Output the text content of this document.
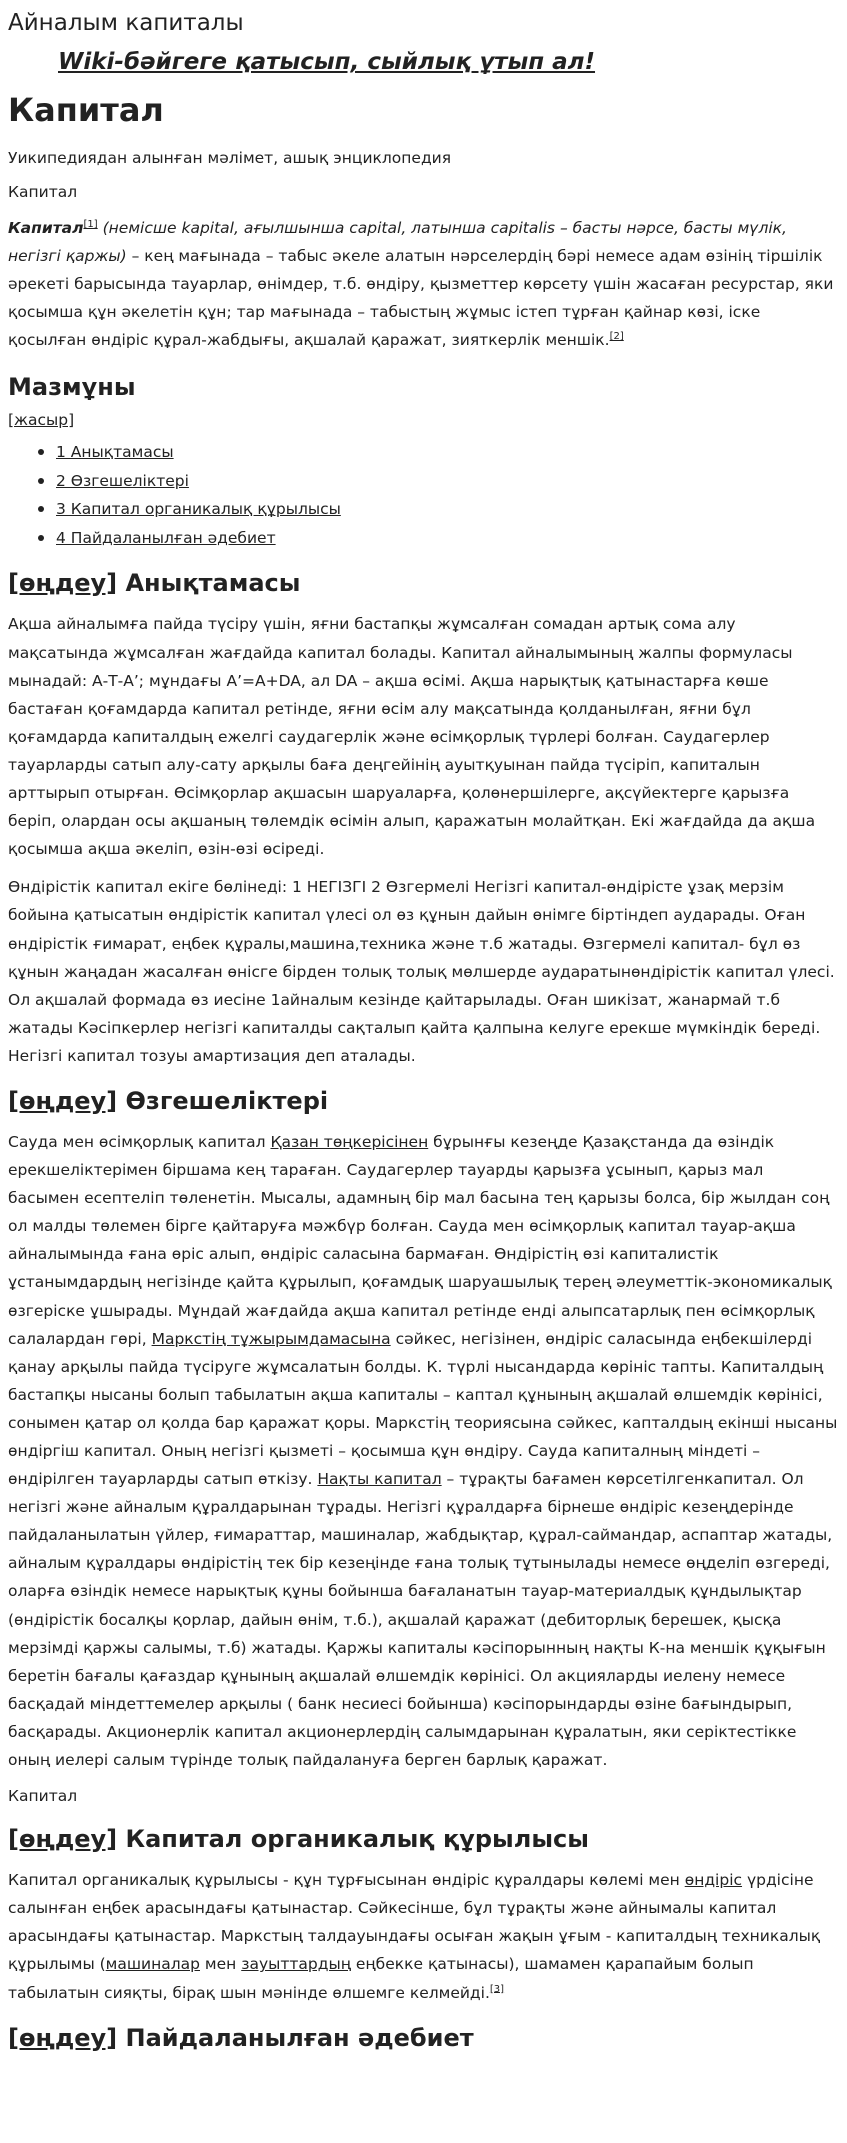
Айналым капиталы
Wiki-бәйгеге қатысып, сыйлық ұтып ал!
Капитал
Уикипедиядан алынған мәлімет, ашық энциклопедия
Капитал

Капитал[1] (немісше kapital, ағылшынша capital, латынша capitalis – басты нәрсе, басты мүлік, негізгі қаржы) – кең мағынада – табыс әкеле алатын нәрселердің бәрі немесе адам өзінің тіршілік әрекеті барысында тауарлар, өнімдер, т.б. өндіру, қызметтер көрсету үшін жасаған ресурстар, яки қосымша құн әкелетін құн; тар мағынада – табыстың жұмыс істеп тұрған қайнар көзі, іске қосылған өндіріс құрал-жабдығы, ақшалай қаражат, зияткерлік меншік.[2]

Мазмұны
[жасыр]
1 Анықтамасы
2 Өзгешеліктері
3 Капитал органикалық құрылысы
4 Пайдаланылған әдебиет
[өңдеу] Анықтамасы

Ақша айналымға пайда түсіру үшін, яғни бастапқы жұмсалған сомадан артық сома алу мақсатында жұмсалған жағдайда капитал болады. Капитал айналымының жалпы формуласы мынадай: А-Т-А’; мұндағы А’=А+DA, ал DA – ақша өсімі. Ақша нарықтық қатынастарға көше бастаған қоғамдарда капитал ретінде, яғни өсім алу мақсатында қолданылған, яғни бұл қоғамдарда капиталдың ежелгі саудагерлік және өсімқорлық түрлері болған. Саудагерлер тауарларды сатып алу-сату арқылы баға деңгейінің ауытқуынан пайда түсіріп, капиталын арттырып отырған. Өсімқорлар ақшасын шаруаларға, қолөнершілерге, ақсүйектерге қарызға беріп, олардан осы ақшаның төлемдік өсімін алып, қаражатын молайтқан. Екі жағдайда да ақша қосымша ақша әкеліп, өзін-өзі өсіреді.

Өндірістік капитал екіге бөлінеді: 1 НЕГІЗГІ 2 Өзгермелі Негізгі капитал-өндірісте ұзақ мерзім бойына қатысатын өндірістік капитал үлесі ол өз құнын дайын өнімге біртіндеп аударады. Оған өндірістік ғимарат, еңбек құралы,машина,техника және т.б жатады. Өзгермелі капитал- бұл өз құнын жаңадан жасалған өнісге бірден толық толық мөлшерде аударатынөндірістік капитал үлесі. Ол ақшалай формада өз иесіне 1айналым кезінде қайтарылады. Оған шикізат, жанармай т.б жатады Кәсіпкерлер негізгі капиталды сақталып қайта қалпына келуге ерекше мүмкіндік береді. Негізгі капитал тозуы амартизация деп аталады.

[өңдеу] Өзгешеліктері

Сауда мен өсімқорлық капитал Қазан төңкерісінен бұрынғы кезеңде Қазақстанда да өзіндік ерекшеліктерімен біршама кең тараған. Саудагерлер тауарды қарызға ұсынып, қарыз мал басымен есептеліп төленетін. Мысалы, адамның бір мал басына тең қарызы болса, бір жылдан соң ол малды төлемен бірге қайтаруға мәжбүр болған. Сауда мен өсімқорлық капитал тауар-ақша айналымында ғана өріс алып, өндіріс саласына бармаған. Өндірістің өзі капиталистік ұстанымдардың негізінде қайта құрылып, қоғамдық шаруашылық терең әлеуметтік-экономикалық өзгеріске ұшырады. Мұндай жағдайда ақша капитал ретінде енді алыпсатарлық пен өсімқорлық салалардан гөрі, Маркстің тұжырымдамасына сәйкес, негізінен, өндіріс саласында еңбекшілерді қанау арқылы пайда түсіруге жұмсалатын болды. К. түрлі нысандарда көрініс тапты. Капиталдың бастапқы нысаны болып табылатын ақша капиталы – каптал құнының ақшалай өлшемдік көрінісі, сонымен қатар ол қолда бар қаражат қоры. Маркстің теориясына сәйкес, капталдың екінші нысаны өндіргіш капитал. Оның негізгі қызметі – қосымша құн өндіру. Сауда капиталның міндеті – өндірілген тауарларды сатып өткізу. Нақты капитал – тұрақты бағамен көрсетілгенкапитал. Ол негізгі және айналым құралдарынан тұрады. Негізгі құралдарға бірнеше өндіріс кезеңдерінде пайдаланылатын үйлер, ғимараттар, машиналар, жабдықтар, құрал-саймандар, аспаптар жатады, айналым құралдары өндірістің тек бір кезеңінде ғана толық тұтынылады немесе өңделіп өзгереді, оларға өзіндік немесе нарықтық құны бойынша бағаланатын тауар-материалдық құндылықтар (өндірістік босалқы қорлар, дайын өнім, т.б.), ақшалай қаражат (дебиторлық берешек, қысқа мерзімді қаржы салымы, т.б) жатады. Қаржы капиталы кәсіпорынның нақты К-на меншік құқығын беретін бағалы қағаздар құнының ақшалай өлшемдік көрінісі. Ол акцияларды иелену немесе басқадай міндеттемелер арқылы ( банк несиесі бойынша) кәсіпорындарды өзіне бағындырып, басқарады. Акционерлік капитал акционерлердің салымдарынан құралатын, яки серіктестікке оның иелері салым түрінде толық пайдалануға берген барлық қаражат.

Капитал
[өңдеу] Капитал органикалық құрылысы

Капитал органикалық құрылысы - құн тұрғысынан өндіріс құралдары көлемі мен өндіріс үрдісіне салынған еңбек арасындағы қатынастар. Сәйкесінше, бұл тұрақты және айнымалы капитал арасындағы қатынастар. Маркстың талдауындағы осыған жақын ұғым - капиталдың техникалық құрылымы (машиналар мен зауыттардың еңбекке қатынасы), шамамен қарапайым болып табылатын сияқты, бірақ шын мәнінде өлшемге келмейді.[3]

[өңдеу] Пайдаланылған әдебиет
